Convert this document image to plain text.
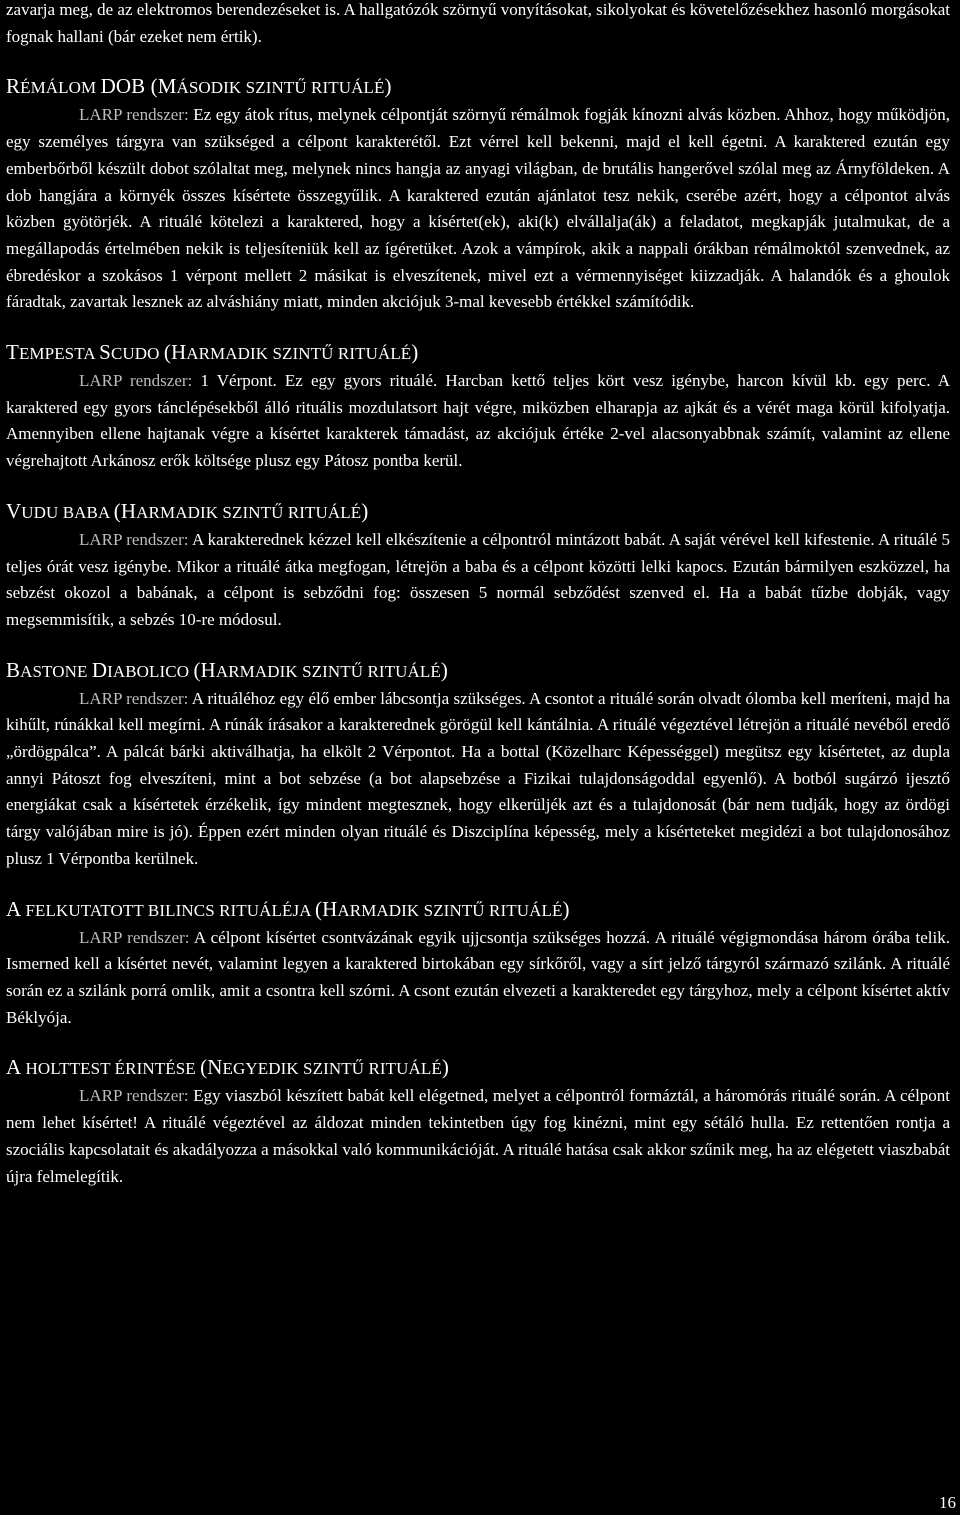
zavarja meg, de az elektromos berendezéseket is. A hallgatózók szörnyű vonyításokat, sikolyokat és követelőzésekhez hasonló morgásokat fognak hallani (bár ezeket nem értik).

RÉMÁLOM DOB (MÁSODIK SZINTŰ RITUÁLÉ)

LARP rendszer: Ez egy átok rítus, melynek célpontját szörnyű rémálmok fogják kínozni alvás közben. Ahhoz, hogy működjön, egy személyes tárgyra van szükséged a célpont karakterétől. Ezt vérrel kell bekenni, majd el kell égetni. A karaktered ezután egy emberbőrből készült dobot szólaltat meg, melynek nincs hangja az anyagi világban, de brutális hangerővel szólal meg az Árnyföldeken. A dob hangjára a környék összes kísértete összegyűlik. A karaktered ezután ajánlatot tesz nekik, cserébe azért, hogy a célpontot alvás közben gyötörjék. A rituálé kötelezi a karaktered, hogy a kísértet(ek), aki(k) elvállalja(ák) a feladatot, megkapják jutalmukat, de a megállapodás értelmében nekik is teljesíteniük kell az ígéretüket. Azok a vámpírok, akik a nappali órákban rémálmoktól szenvednek, az ébredéskor a szokásos 1 vérpont mellett 2 másikat is elveszítenek, mivel ezt a vérmennyiséget kiizzadják. A halandók és a ghoulok fáradtak, zavartak lesznek az alváshiány miatt, minden akciójuk 3-mal kevesebb értékkel számítódik.

TEMPESTA SCUDO (HARMADIK SZINTŰ RITUÁLÉ)

LARP rendszer: 1 Vérpont. Ez egy gyors rituálé. Harcban kettő teljes kört vesz igénybe, harcon kívül kb. egy perc. A karaktered egy gyors tánclépésekből álló rituális mozdulatsort hajt végre, miközben elharapja az ajkát és a vérét maga körül kifolyatja. Amennyiben ellene hajtanak végre a kísértet karakterek támadást, az akciójuk értéke 2-vel alacsonyabbnak számít, valamint az ellene végrehajtott Arkánosz erők költsége plusz egy Pátosz pontba kerül.

VUDU BABA (HARMADIK SZINTŰ RITUÁLÉ)

LARP rendszer: A karakterednek kézzel kell elkészítenie a célpontról mintázott babát. A saját vérével kell kifestenie. A rituálé 5 teljes órát vesz igénybe. Mikor a rituálé átka megfogan, létrejön a baba és a célpont közötti lelki kapocs. Ezután bármilyen eszközzel, ha sebzést okozol a babának, a célpont is sebződni fog: összesen 5 normál sebződést szenved el. Ha a babát tűzbe dobják, vagy megsemmisítik, a sebzés 10-re módosul.

BASTONE DIABOLICO (HARMADIK SZINTŰ RITUÁLÉ)

LARP rendszer: A rituáléhoz egy élő ember lábcsontja szükséges. A csontot a rituálé során olvadt ólomba kell meríteni, majd ha kihűlt, rúnákkal kell megírni. A rúnák írásakor a karakterednek görögül kell kántálnia. A rituálé végeztével létrejön a rituálé nevéből eredő „ördögpálca”. A pálcát bárki aktiválhatja, ha elkölt 2 Vérpontot. Ha a bottal (Közelharc Képességgel) megütsz egy kísértetet, az dupla annyi Pátoszt fog elveszíteni, mint a bot sebzése (a bot alapsebzése a Fizikai tulajdonságoddal egyenlő). A botból sugárzó ijesztő energiákat csak a kísértetek érzékelik, így mindent megtesznek, hogy elkerüljék azt és a tulajdonosát (bár nem tudják, hogy az ördögi tárgy valójában mire is jó). Éppen ezért minden olyan rituálé és Diszciplína képesség, mely a kísérteteket megidézi a bot tulajdonosához plusz 1 Vérpontba kerülnek.

A FELKUTATOTT BILINCS RITUÁLÉJA (HARMADIK SZINTŰ RITUÁLÉ)

LARP rendszer: A célpont kísértet csontvázának egyik ujjcsontja szükséges hozzá. A rituálé végigmondása három órába telik. Ismerned kell a kísértet nevét, valamint legyen a karaktered birtokában egy sírkőről, vagy a sírt jelző tárgyról származó szilánk. A rituálé során ez a szilánk porrá omlik, amit a csontra kell szórni. A csont ezután elvezeti a karakteredet egy tárgyhoz, mely a célpont kísértet aktív Béklyója.

A HOLTTEST ÉRINTÉSE (NEGYEDIK SZINTŰ RITUÁLÉ)

LARP rendszer: Egy viaszból készített babát kell elégetned, melyet a célpontról formáztál, a háromórás rituálé során. A célpont nem lehet kísértet! A rituálé végeztével az áldozat minden tekintetben úgy fog kinézni, mint egy sétáló hulla. Ez rettentően rontja a szociális kapcsolatait és akadályozza a másokkal való kommunikációját. A rituálé hatása csak akkor szűnik meg, ha az elégetett viaszbabát újra felmelegítik.

16
